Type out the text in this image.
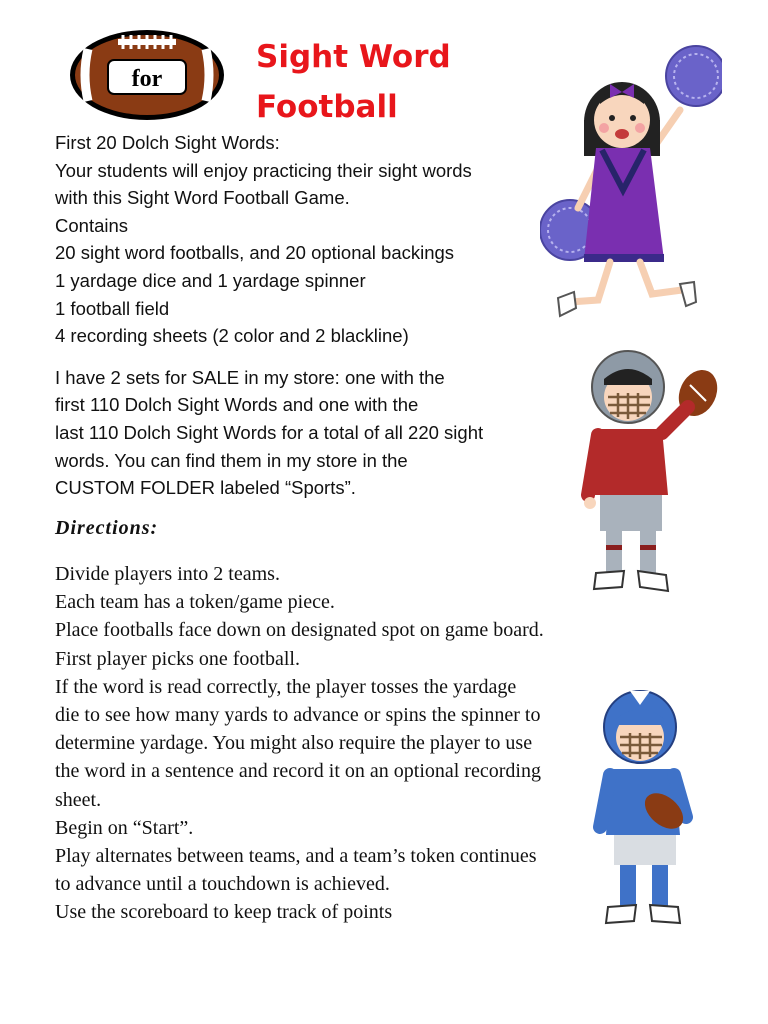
for
Sight Word
Football
First 20 Dolch Sight Words:
Your students will enjoy practicing their sight words
with this Sight Word Football Game.
Contains
20 sight word footballs, and 20 optional backings
1 yardage dice and 1 yardage spinner
1 football field
4 recording sheets (2 color and 2 blackline)
I have 2 sets for SALE in my store: one with the
first 110 Dolch Sight Words and one with the
last 110 Dolch Sight Words for a total of all 220 sight
words. You can find them in my store in the
CUSTOM FOLDER labeled “Sports”.
Directions:
Divide players into 2 teams.
Each team has a token/game piece.
Place footballs face down on designated spot on game board.
First player picks one football.
If the word is read correctly, the player tosses the yardage
die to see how many yards to advance or spins the spinner to
determine yardage. You might also require the player to use
the word in a sentence and record it on an optional recording
sheet.
Begin on “Start”.
Play alternates between teams, and a team’s token continues
to advance until a touchdown is achieved.
Use the scoreboard to keep track of points
